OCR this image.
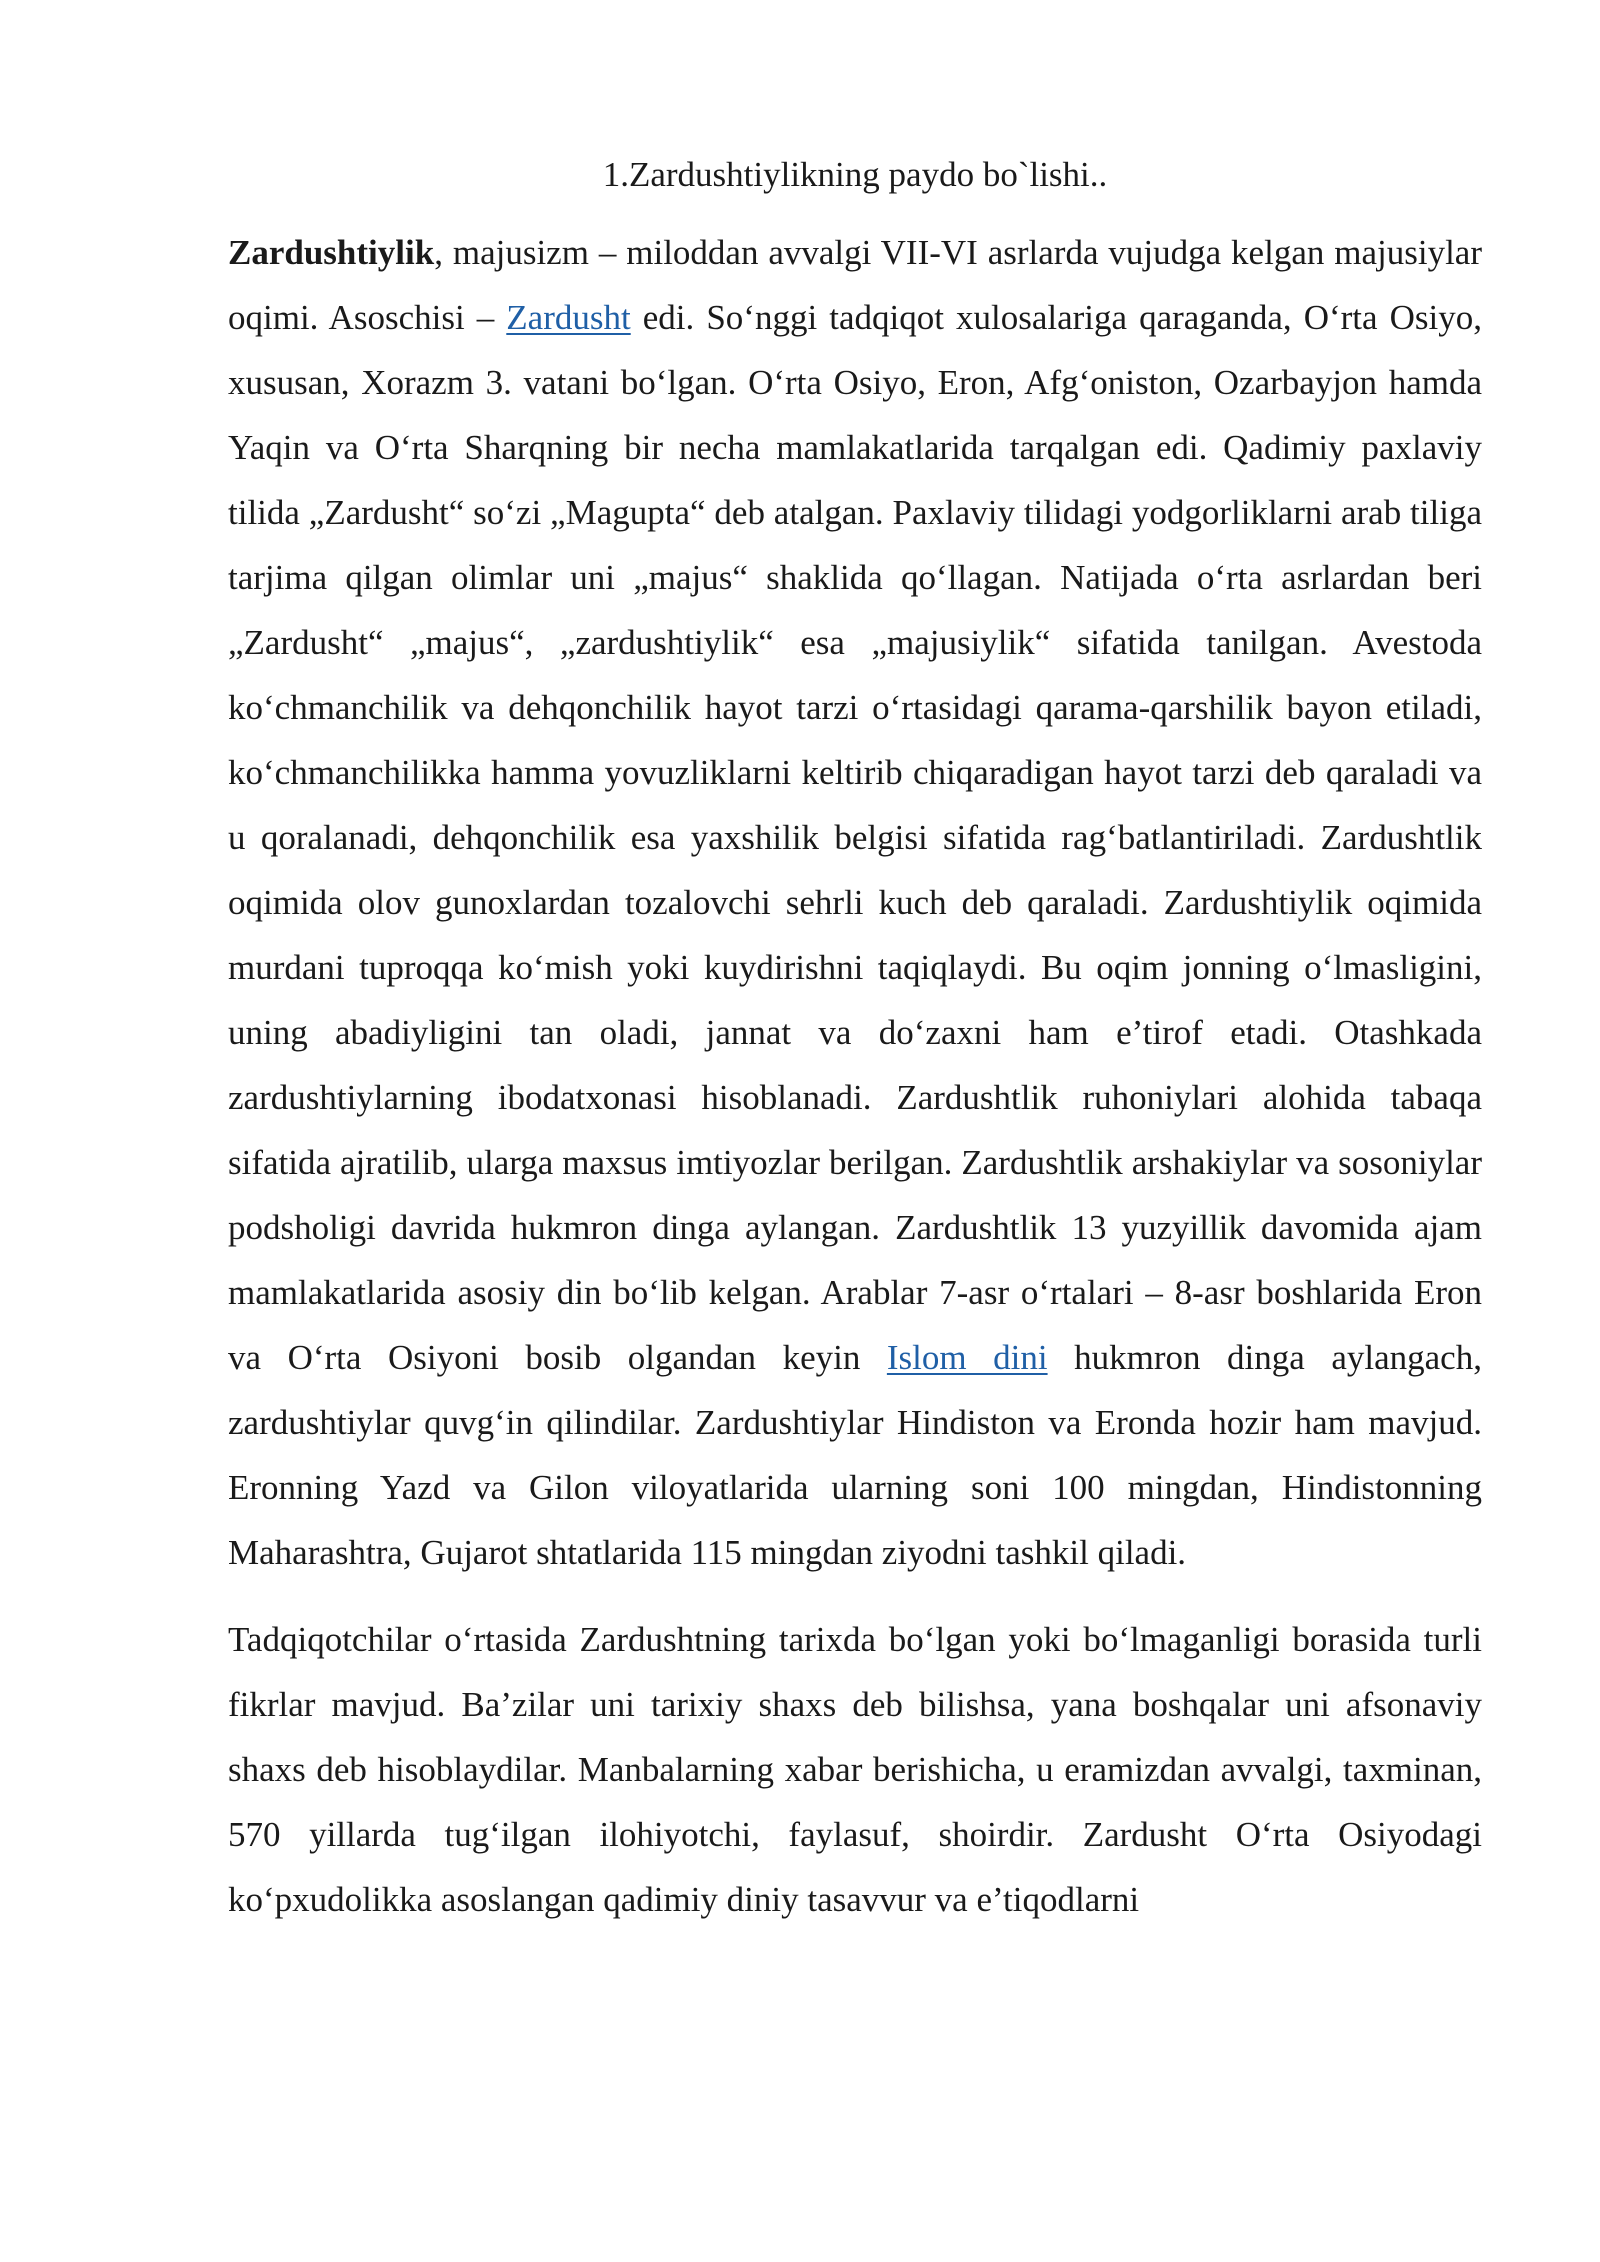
1.Zardushtiylikning paydo bo`lishi..

Zardushtiylik, majusizm – miloddan avvalgi VII-VI asrlarda vujudga kelgan majusiylar oqimi. Asoschisi – Zardusht edi. So‘nggi tadqiqot xulosalariga qaraganda, O‘rta Osiyo, xususan, Xorazm 3. vatani bo‘lgan. O‘rta Osiyo, Eron, Afg‘oniston, Ozarbayjon hamda Yaqin va O‘rta Sharqning bir necha mamlakatlarida tarqalgan edi. Qadimiy paxlaviy tilida „Zardusht“ so‘zi „Magupta“ deb atalgan. Paxlaviy tilidagi yodgorliklarni arab tiliga tarjima qilgan olimlar uni „majus“ shaklida qo‘llagan. Natijada o‘rta asrlardan beri „Zardusht“ „majus“, „zardushtiylik“ esa „majusiylik“ sifatida tanilgan. Avestoda ko‘chmanchilik va dehqonchilik hayot tarzi o‘rtasidagi qarama-qarshilik bayon etiladi, ko‘chmanchilikka hamma yovuzliklarni keltirib chiqaradigan hayot tarzi deb qaraladi va u qoralanadi, dehqonchilik esa yaxshilik belgisi sifatida rag‘batlantiriladi. Zardushtlik oqimida olov gunoxlardan tozalovchi sehrli kuch deb qaraladi. Zardushtiylik oqimida murdani tuproqqa ko‘mish yoki kuydirishni taqiqlaydi. Bu oqim jonning o‘lmasligini, uning abadiyligini tan oladi, jannat va do‘zaxni ham e’tirof etadi. Otashkada zardushtiylarning ibodatxonasi hisoblanadi. Zardushtlik ruhoniylari alohida tabaqa sifatida ajratilib, ularga maxsus imtiyozlar berilgan. Zardushtlik arshakiylar va sosoniylar podsholigi davrida hukmron dinga aylangan. Zardushtlik 13 yuzyillik davomida ajam mamlakatlarida asosiy din bo‘lib kelgan. Arablar 7-asr o‘rtalari – 8-asr boshlarida Eron va O‘rta Osiyoni bosib olgandan keyin Islom dini hukmron dinga aylangach, zardushtiylar quvg‘in qilindilar. Zardushtiylar Hindiston va Eronda hozir ham mavjud. Eronning Yazd va Gilon viloyatlarida ularning soni 100 mingdan, Hindistonning Maharashtra, Gujarot shtatlarida 115 mingdan ziyodni tashkil qiladi.

Tadqiqotchilar o‘rtasida Zardushtning tarixda bo‘lgan yoki bo‘lmaganligi borasida turli fikrlar mavjud. Ba’zilar uni tarixiy shaxs deb bilishsa, yana boshqalar uni afsonaviy shaxs deb hisoblaydilar. Manbalarning xabar berishicha, u eramizdan avvalgi, taxminan, 570 yillarda tug‘ilgan ilohiyotchi, faylasuf, shoirdir. Zardusht O‘rta Osiyodagi ko‘pxudolikka asoslangan qadimiy diniy tasavvur va e’tiqodlarni
